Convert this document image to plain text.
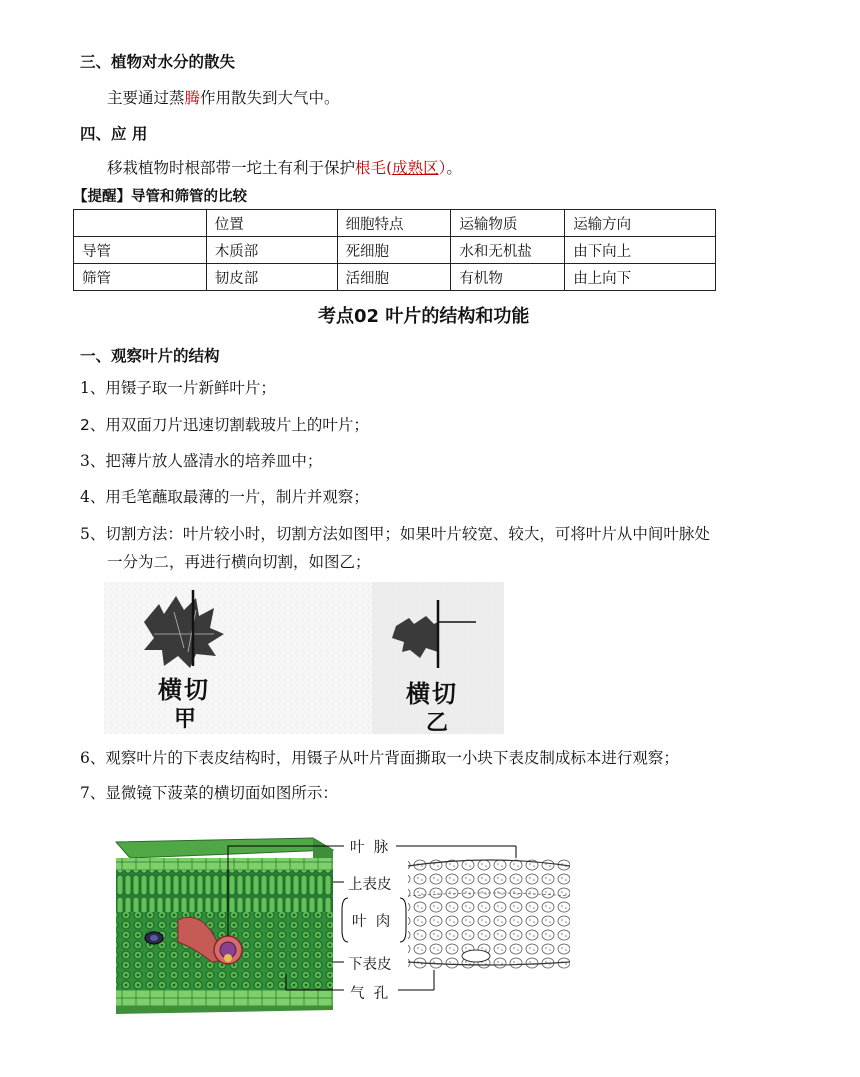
三、植物对水分的散失
主要通过蒸腾作用散失到大气中。
四、应 用
移栽植物时根部带一坨土有利于保护根毛(成熟区）。
【提醒】导管和筛管的比较
	位置	细胞特点	运输物质	运输方向
导管	木质部	死细胞	水和无机盐	由下向上
筛管	韧皮部	活细胞	有机物	由上向下
考点02 叶片的结构和功能
一、观察叶片的结构
1、用镊子取一片新鲜叶片；
2、用双面刀片迅速切割载玻片上的叶片；
3、把薄片放人盛清水的培养皿中；
4、用毛笔蘸取最薄的一片，制片并观察；
5、切割方法：叶片较小时，切割方法如图甲；如果叶片较宽、较大，可将叶片从中间叶脉处
一分为二，再进行横向切割，如图乙；
横切
甲
横切
乙
6、观察叶片的下表皮结构时，用镊子从叶片背面撕取一小块下表皮制成标本进行观察；
7、显微镜下菠菜的横切面如图所示：
叶  脉
上表皮
叶  肉
下表皮
气  孔
